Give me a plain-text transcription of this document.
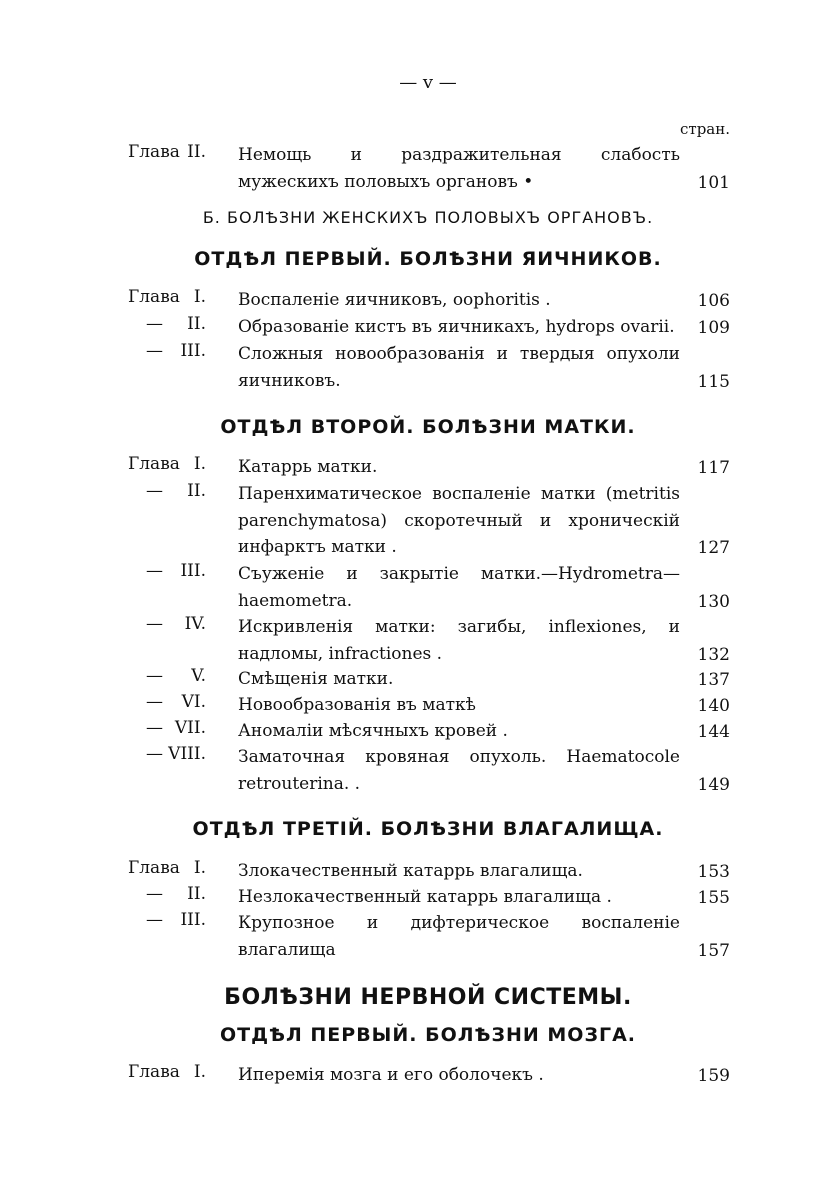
— v —
стран.
Глава II. Немощь и раздражительная слабость мужескихъ половыхъ органовъ •	101
Б. БОЛѢЗНИ ЖЕНСКИХЪ ПОЛОВЫХЪ ОРГАНОВЪ.
ОТДѢЛ ПЕРВЫЙ. БОЛѢЗНИ ЯИЧНИКОВ.
Глава I. Воспаленіе яичниковъ, oophoritis .	106
—	II. Образованіе кистъ въ яичникахъ, hydrops ovarii.	109
—	III. Сложныя новообразованія и твердыя опухоли яичниковъ.	115
ОТДѢЛ ВТОРОЙ. БОЛѢЗНИ МАТКИ.
Глава I. Катаррь матки.	117
—	II. Паренхиматическое воспаленіе матки (metritis parenchymatosa) скоротечный и хроническій инфарктъ матки .	127
—	III. Съуженіе и закрытіе матки.—Hydrometra—haemometra.	130
—	IV. Искривленія матки: загибы, inflexiones, и надломы, infractiones .	132
—	V. Смѣщенія матки.	137
—	VI. Новообразованія въ маткѣ	140
— VII. Аномаліи мѣсячныхъ кровей .	144
— VIII. Заматочная кровяная опухоль. Haematocole retrouterina. .	149
ОТДѢЛ ТРЕТІЙ. БОЛѢЗНИ ВЛАГАЛИЩА.
Глава I. Злокачественный катаррь влагалища.	153
—	II. Незлокачественный катаррь влагалища .	155
—	III. Крупозное и дифтерическое воспаленіе влагалища	157
БОЛѢЗНИ НЕРВНОЙ СИСТЕМЫ.
ОТДѢЛ ПЕРВЫЙ. БОЛѢЗНИ МОЗГА.
Глава I. Иперемія мозга и его оболочекъ .	159
